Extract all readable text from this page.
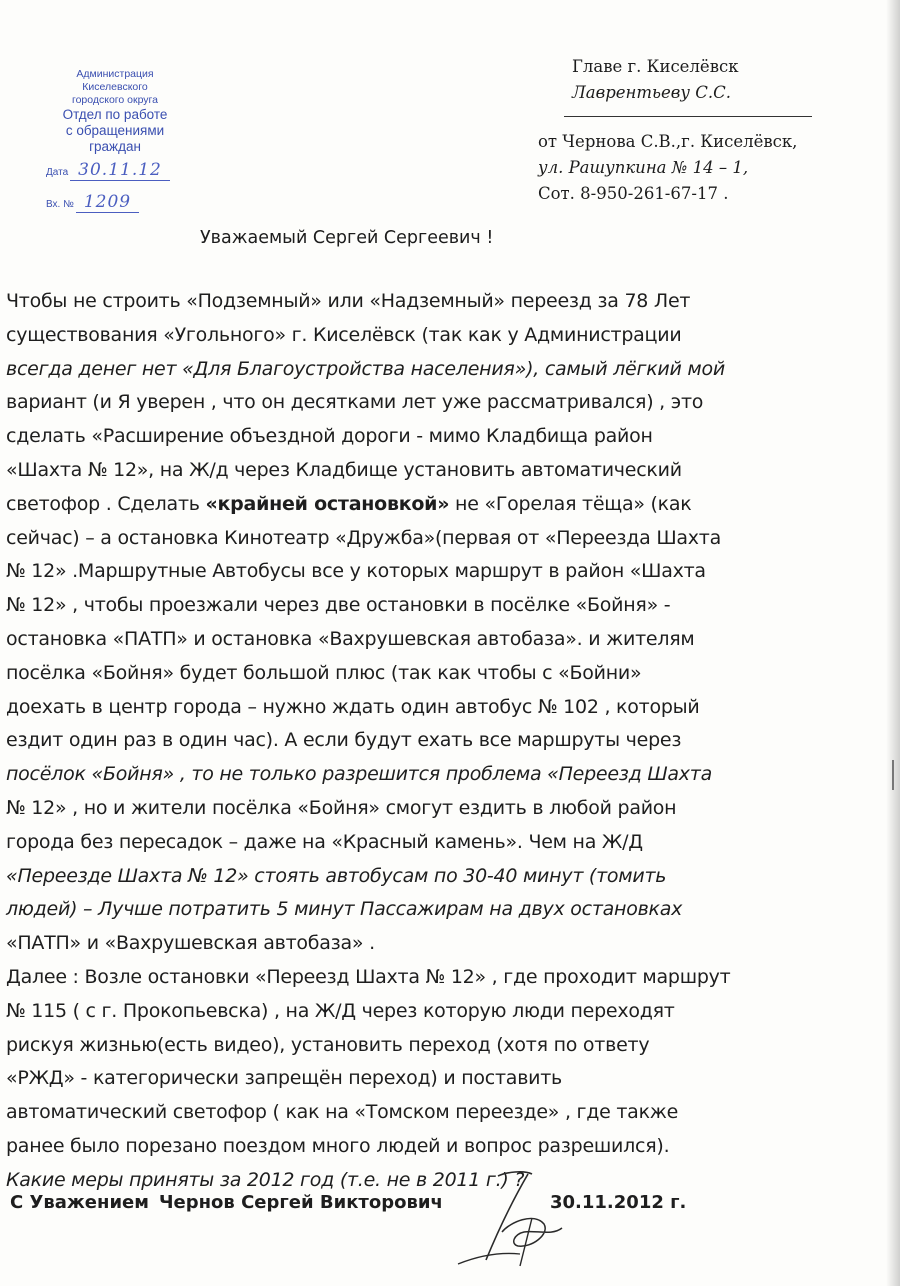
Администрация
Киселевского
городского округа
Отдел по работе
с обращениями
граждан
Дата 30.11.12
Вх. № 1209
Главе г. Киселёвск
Лаврентьеву С.С.
от Чернова С.В.,г. Киселёвск,
ул. Рашупкина № 14 – 1,
Сот. 8-950-261-67-17 .
Уважаемый Сергей Сергеевич !

Чтобы не строить «Подземный» или «Надземный» переезд за 78 Лет

существования «Угольного» г. Киселёвск (так как у Администрации

всегда денег нет «Для Благоустройства населения»), самый лёгкий мой

вариант (и Я уверен , что он десятками лет уже рассматривался) , это

сделать «Расширение объездной дороги - мимо Кладбища район

«Шахта № 12», на Ж/д через Кладбище установить автоматический

светофор . Сделать «крайней остановкой» не «Горелая тёща» (как

сейчас) – а остановка Кинотеатр «Дружба»(первая от «Переезда Шахта

№ 12» .Маршрутные Автобусы все у которых маршрут в район «Шахта

№ 12» , чтобы проезжали через две остановки в посёлке «Бойня» -

остановка «ПАТП» и остановка «Вахрушевская автобаза». и жителям

посёлка «Бойня» будет большой плюс (так как чтобы с «Бойни»

доехать в центр города – нужно ждать один автобус № 102 , который

ездит один раз в один час). А если будут ехать все маршруты через

посёлок «Бойня» , то не только разрешится проблема «Переезд Шахта

№ 12» , но и жители посёлка «Бойня» смогут ездить в любой район

города без пересадок – даже на «Красный камень». Чем на Ж/Д

«Переезде Шахта № 12» стоять автобусам по 30-40 минут (томить

людей) – Лучше потратить 5 минут Пассажирам на двух остановках

«ПАТП» и «Вахрушевская автобаза» .

Далее : Возле остановки «Переезд Шахта № 12» , где проходит маршрут

№ 115 ( с г. Прокопьевска) , на Ж/Д через которую люди переходят

рискуя жизнью(есть видео), установить переход (хотя по ответу

«РЖД» - категорически запрещён переход) и поставить

автоматический светофор ( как на «Томском переезде» , где также

ранее было порезано поездом много людей и вопрос разрешился).

Какие меры приняты за 2012 год (т.е. не в 2011 г.) ?

С Уважением Чернов Сергей Викторович	30.11.2012 г.
